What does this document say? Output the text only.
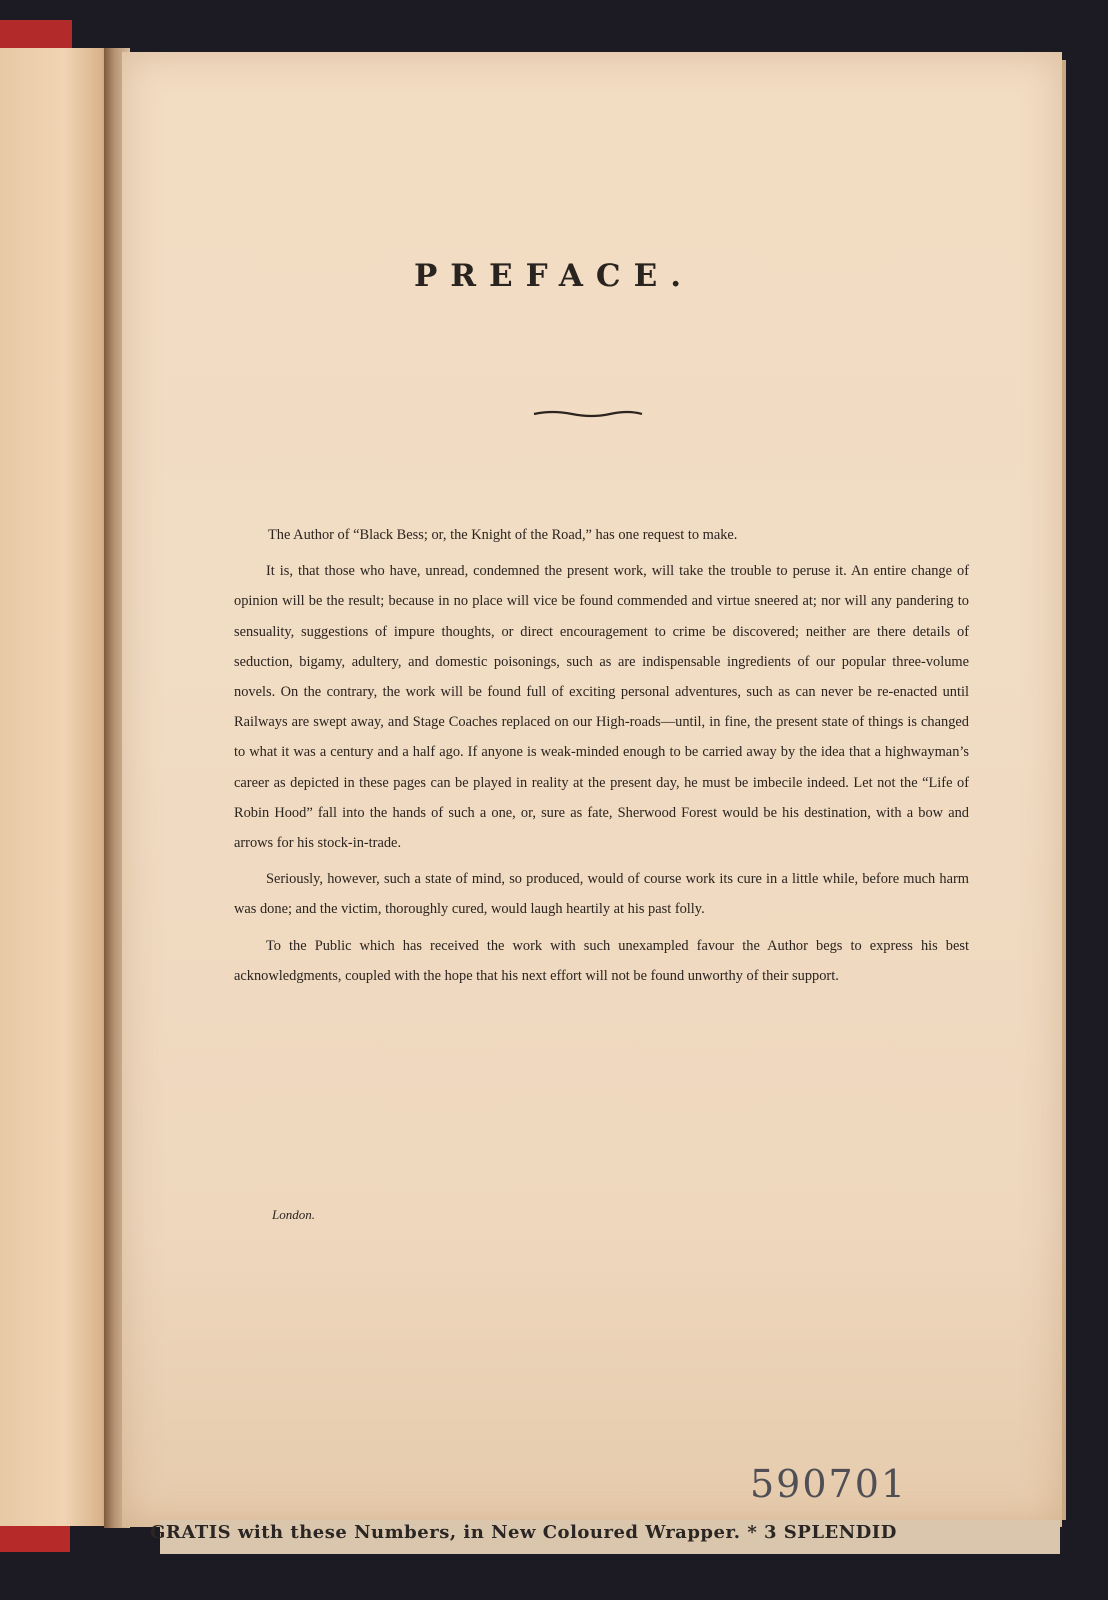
PREFACE.

The Author of “Black Bess; or, the Knight of the Road,” has one request to make.

It is, that those who have, unread, condemned the present work, will take the trouble to peruse it. An entire change of opinion will be the result; because in no place will vice be found commended and virtue sneered at; nor will any pandering to sensuality, suggestions of impure thoughts, or direct encouragement to crime be discovered; neither are there details of seduction, bigamy, adultery, and domestic poisonings, such as are indispensable ingredients of our popular three-volume novels. On the contrary, the work will be found full of exciting personal adventures, such as can never be re-enacted until Railways are swept away, and Stage Coaches replaced on our High-roads—until, in fine, the present state of things is changed to what it was a century and a half ago. If anyone is weak-minded enough to be carried away by the idea that a highwayman’s career as depicted in these pages can be played in reality at the present day, he must be imbecile indeed. Let not the “Life of Robin Hood” fall into the hands of such a one, or, sure as fate, Sherwood Forest would be his destination, with a bow and arrows for his stock-in-trade.

Seriously, however, such a state of mind, so produced, would of course work its cure in a little while, before much harm was done; and the victim, thoroughly cured, would laugh heartily at his past folly.

To the Public which has received the work with such unexampled favour the Author begs to express his best acknowledgments, coupled with the hope that his next effort will not be found unworthy of their support.

London.
590701
GRATIS with these Numbers, in New Coloured Wrapper. * 3 SPLENDID
